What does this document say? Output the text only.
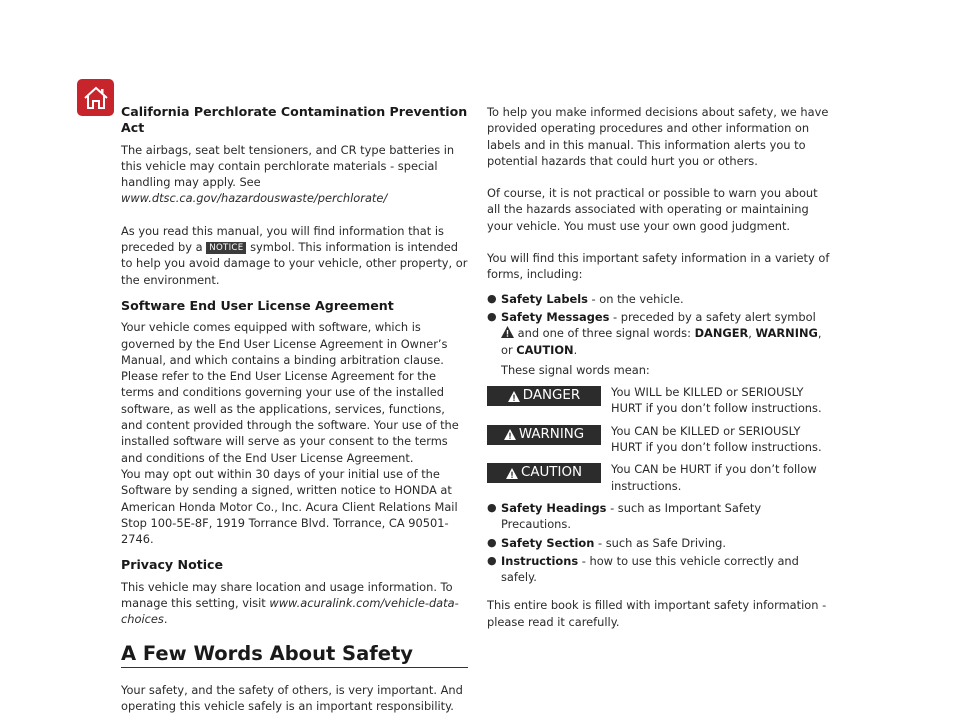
California Perchlorate Contamination Prevention Act

The airbags, seat belt tensioners, and CR type batteries in this vehicle may contain perchlorate materials - special handling may apply. See www.dtsc.ca.gov/hazardouswaste/perchlorate/

As you read this manual, you will find information that is preceded by a NOTICE symbol. This information is intended to help you avoid damage to your vehicle, other property, or the environment.

Software End User License Agreement

Your vehicle comes equipped with software, which is governed by the End User License Agreement in Owner’s Manual, and which contains a binding arbitration clause. Please refer to the End User License Agreement for the terms and conditions governing your use of the installed software, as well as the applications, services, functions, and content provided through the software. Your use of the installed software will serve as your consent to the terms and conditions of the End User License Agreement.

You may opt out within 30 days of your initial use of the Software by sending a signed, written notice to HONDA at American Honda Motor Co., Inc. Acura Client Relations Mail Stop 100-5E-8F, 1919 Torrance Blvd. Torrance, CA 90501-2746.

Privacy Notice

This vehicle may share location and usage information. To manage this setting, visit www.acuralink.com/vehicle-data-choices.

A Few Words About Safety

Your safety, and the safety of others, is very important. And operating this vehicle safely is an important responsibility.

To help you make informed decisions about safety, we have provided operating procedures and other information on labels and in this manual. This information alerts you to potential hazards that could hurt you or others.

Of course, it is not practical or possible to warn you about all the hazards associated with operating or maintaining your vehicle. You must use your own good judgment.

You will find this important safety information in a variety of forms, including:

● Safety Labels - on the vehicle.
● Safety Messages - preceded by a safety alert symbol  and one of three signal words: DANGER, WARNING, or CAUTION.
These signal words mean:
DANGER	You WILL be KILLED or SERIOUSLY HURT if you don’t follow instructions.
WARNING You CAN be KILLED or SERIOUSLY HURT if you don’t follow instructions.
CAUTION	You CAN be HURT if you don’t follow instructions.
● Safety Headings - such as Important Safety Precautions.
● Safety Section - such as Safe Driving.
● Instructions - how to use this vehicle correctly and safely.

This entire book is filled with important safety information - please read it carefully.
